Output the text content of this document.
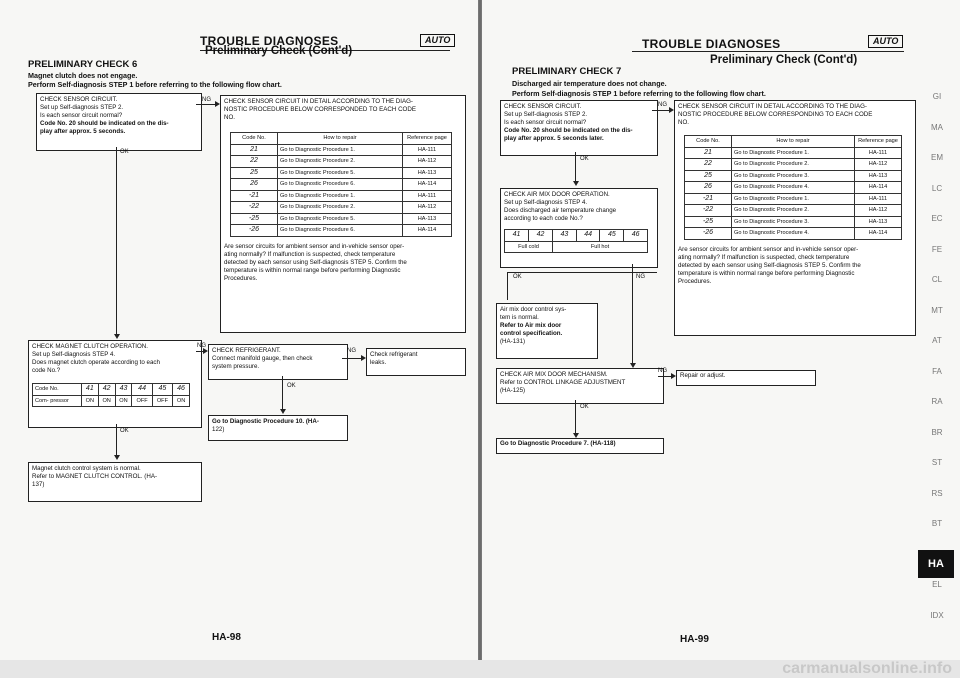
TROUBLE DIAGNOSES	AUTO
Preliminary Check (Cont'd)
PRELIMINARY CHECK 6
Magnet clutch does not engage.
Perform Self-diagnosis STEP 1 before referring to the following flow chart.
CHECK SENSOR CIRCUIT.
Set up Self-diagnosis STEP 2.
Is each sensor circuit normal?
Code No. 20 should be indicated on the dis-
play after approx. 5 seconds.
NG
OK
CHECK SENSOR CIRCUIT IN DETAIL ACCORDING TO THE DIAG-
NOSTIC PROCEDURE BELOW CORRESPONDED TO EACH CODE
NO.
Code No.	How to repair	Reference page
21	Go to Diagnostic Procedure 1.	HA-111
22	Go to Diagnostic Procedure 2.	HA-112
25	Go to Diagnostic Procedure 5.	HA-113
26	Go to Diagnostic Procedure 6.	HA-114
-21	Go to Diagnostic Procedure 1.	HA-111
-22	Go to Diagnostic Procedure 2.	HA-112
-25	Go to Diagnostic Procedure 5.	HA-113
-26	Go to Diagnostic Procedure 6.	HA-114
Are sensor circuits for ambient sensor and in-vehicle sensor oper-
ating normally? If malfunction is suspected, check temperature
detected by each sensor using Self-diagnosis STEP 5. Confirm the
temperature is within normal range before performing Diagnostic
Procedures.
CHECK MAGNET CLUTCH OPERATION.
Set up Self-diagnosis STEP 4.
Does magnet clutch operate according to each
code No.?
Code No.	41	42	43	44	45	46
Com- pressor	ON	ON	ON	OFF	OFF	ON
NG
OK
CHECK REFRIGERANT.
Connect manifold gauge, then check
system pressure.
NG Check refrigerant
leaks.
OK
Go to Diagnostic Procedure 10. (HA-
122)
Magnet clutch control system is normal.
Refer to MAGNET CLUTCH CONTROL. (HA-
137)
HA-98
TROUBLE DIAGNOSES	AUTO
Preliminary Check (Cont'd)
PRELIMINARY CHECK 7
Discharged air temperature does not change.
Perform Self-diagnosis STEP 1 before referring to the following flow chart.
CHECK SENSOR CIRCUIT.
Set up Self-diagnosis STEP 2.
Is each sensor circuit normal?
Code No. 20 should be indicated on the dis-
play after approx. 5 seconds later.
NG
OK
CHECK SENSOR CIRCUIT IN DETAIL ACCORDING TO THE DIAG-
NOSTIC PROCEDURE BELOW CORRESPONDING TO EACH CODE
NO.
Code No.	How to repair	Reference page
21	Go to Diagnostic Procedure 1.	HA-111
22	Go to Diagnostic Procedure 2.	HA-112
25	Go to Diagnostic Procedure 3.	HA-113
26	Go to Diagnostic Procedure 4.	HA-114
-21	Go to Diagnostic Procedure 1.	HA-111
-22	Go to Diagnostic Procedure 2.	HA-112
-25	Go to Diagnostic Procedure 3.	HA-113
-26	Go to Diagnostic Procedure 4.	HA-114
Are sensor circuits for ambient sensor and in-vehicle sensor oper-
ating normally? If malfunction is suspected, check temperature
detected by each sensor using Self-diagnosis STEP 5. Confirm the
temperature is within normal range before performing Diagnostic
Procedures.
CHECK AIR MIX DOOR OPERATION.
Set up Self-diagnosis STEP 4.
Does discharged air temperature change
according to each code No.?
41	42	43	44	45	46
Full cold		Full hot			
OK	NG
Air mix door control sys-
tem is normal.
Refer to Air mix door
control specification.
(HA-131)
CHECK AIR MIX DOOR MECHANISM.
Refer to CONTROL LINKAGE ADJUSTMENT
(HA-125)
NG
Repair or adjust.
OK
Go to Diagnostic Procedure 7. (HA-118)
HA-99
GI
MA
EM
LC
EC
FE
CL
MT
AT
FA
RA
BR
ST
RS
BT
HA
EL
IDX
carmanualsonline.info
